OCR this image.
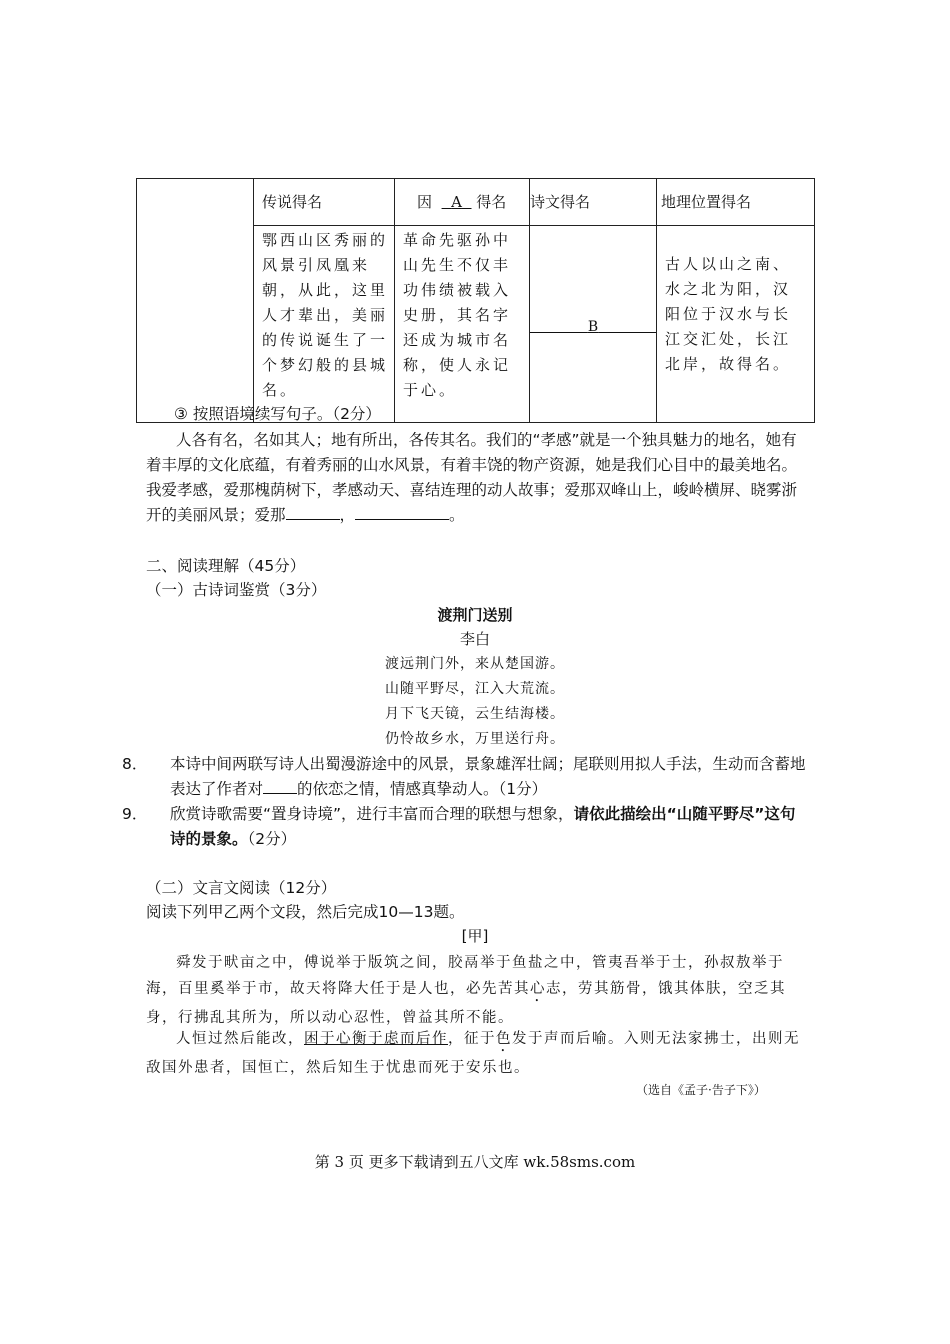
	传说得名	因 A 得名	诗文得名	地理位置得名
	鄂西山区秀丽的风景引凤凰来朝，从此，这里人才辈出，美丽的传说诞生了一个梦幻般的县城名。	革命先驱孙中山先生不仅丰功伟绩被载入史册，其名字还成为城市名称，使人永记于心。	B	古人以山之南、水之北为阳，汉阳位于汉水与长江交汇处，长江北岸，故得名。
③ 按照语境续写句子。（2分）

人各有名，名如其人；地有所出，各传其名。我们的“孝感”就是一个独具魅力的地名，她有着丰厚的文化底蕴，有着秀丽的山水风景，有着丰饶的物产资源，她是我们心目中的最美地名。我爱孝感，爱那槐荫树下，孝感动天、喜结连理的动人故事；爱那双峰山上，峻岭横屏、晓雾浙开的美丽风景；爱那	，	。

二、阅读理解（45分）
（一）古诗词鉴赏（3分）
渡荆门送别
李白
渡远荆门外，来从楚国游。
山随平野尽，江入大荒流。
月下飞天镜，云生结海楼。
仍怜故乡水，万里送行舟。
8． 本诗中间两联写诗人出蜀漫游途中的风景，景象雄浑壮阔；尾联则用拟人手法，生动而含蓄地表达了作者对 的依恋之情，情感真挚动人。（1分）
9． 欣赏诗歌需要“置身诗境”，进行丰富而合理的联想与想象，请依此描绘出“山随平野尽”这句诗的景象。（2分）
（二）文言文阅读（12分）
阅读下列甲乙两个文段，然后完成10—13题。
[甲]

舜发于畎亩之中，傅说举于版筑之间，胶鬲举于鱼盐之中，管夷吾举于士，孙叔敖举于海，百里奚举于市，故天将降大任于是人也，必先苦其心志，劳其筋骨，饿其体肤，空乏其身，行拂乱其所为，所以动心忍性，曾益其所不能。

人恒过然后能改，困于心衡于虑而后作，征于色发于声而后喻。入则无法家拂士，出则无敌国外患者，国恒亡，然后知生于忧患而死于安乐也。

（选自《孟子·告子下》）
第 3 页 更多下载请到五八文库 wk.58sms.com
